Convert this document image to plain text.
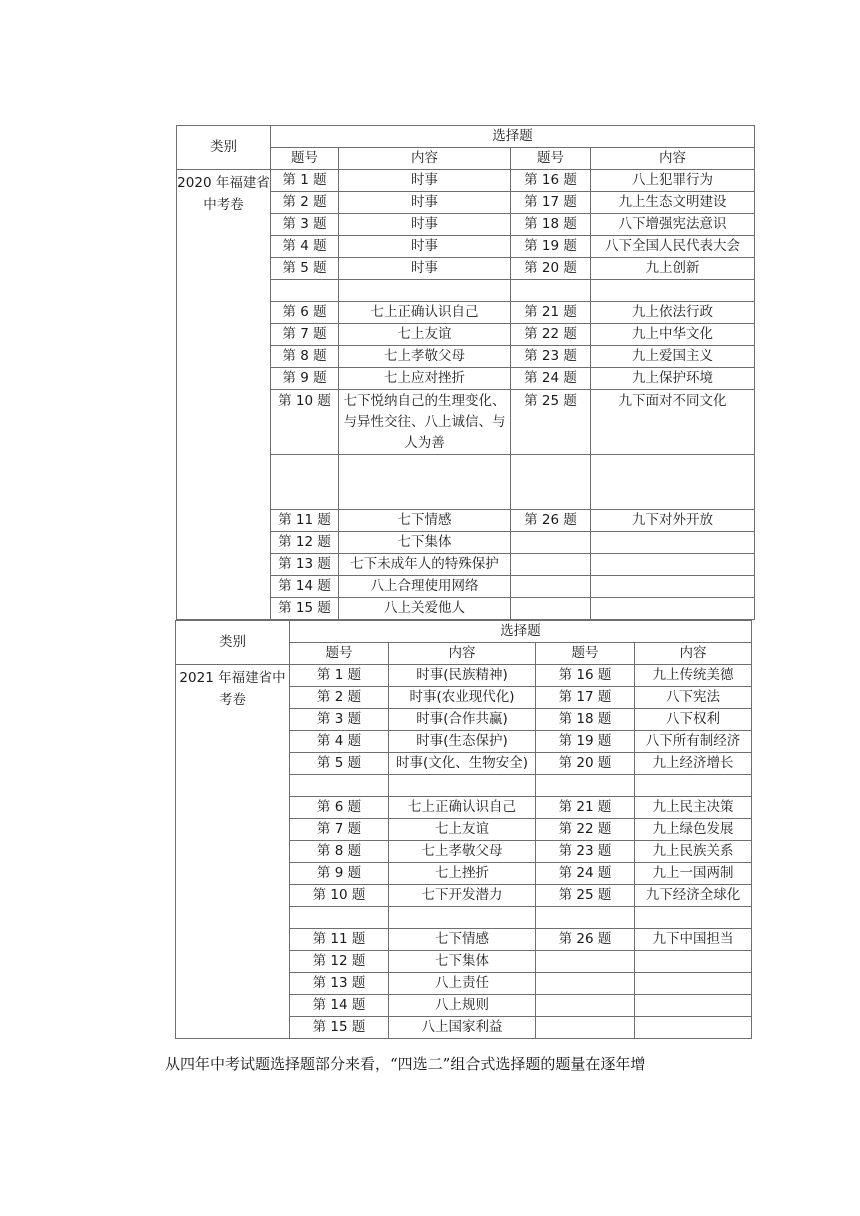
类别	选择题			
	题号	内容	题号	内容
2020 年福建省中考卷	第 1 题	时事	第 16 题	八上犯罪行为
	第 2 题	时事	第 17 题	九上生态文明建设
	第 3 题	时事	第 18 题	八下增强宪法意识
	第 4 题	时事	第 19 题	八下全国人民代表大会
	第 5 题	时事	第 20 题	九上创新

	第 6 题	七上正确认识自己	第 21 题	九上依法行政
	第 7 题	七上友谊	第 22 题	九上中华文化
	第 8 题	七上孝敬父母	第 23 题	九上爱国主义
	第 9 题	七上应对挫折	第 24 题	九上保护环境
	第 10 题	七下悦纳自己的生理变化、与异性交往、八上诚信、与人为善	第 25 题	九下面对不同文化

	第 11 题	七下情感	第 26 题	九下对外开放
	第 12 题	七下集体		
	第 13 题	七下未成年人的特殊保护		
	第 14 题	八上合理使用网络		
	第 15 题	八上关爱他人		
类别	选择题			
	题号	内容	题号	内容
2021 年福建省中考卷	第 1 题	时事(民族精神)	第 16 题	九上传统美德
	第 2 题	时事(农业现代化)	第 17 题	八下宪法
	第 3 题	时事(合作共赢)	第 18 题	八下权利
	第 4 题	时事(生态保护)	第 19 题	八下所有制经济
	第 5 题	时事(文化、生物安全)	第 20 题	九上经济增长

	第 6 题	七上正确认识自己	第 21 题	九上民主决策
	第 7 题	七上友谊	第 22 题	九上绿色发展
	第 8 题	七上孝敬父母	第 23 题	九上民族关系
	第 9 题	七上挫折	第 24 题	九上一国两制
	第 10 题	七下开发潜力	第 25 题	九下经济全球化

	第 11 题	七下情感	第 26 题	九下中国担当
	第 12 题	七下集体		
	第 13 题	八上责任		
	第 14 题	八上规则		
	第 15 题	八上国家利益		
从四年中考试题选择题部分来看，“四选二”组合式选择题的题量在逐年增
